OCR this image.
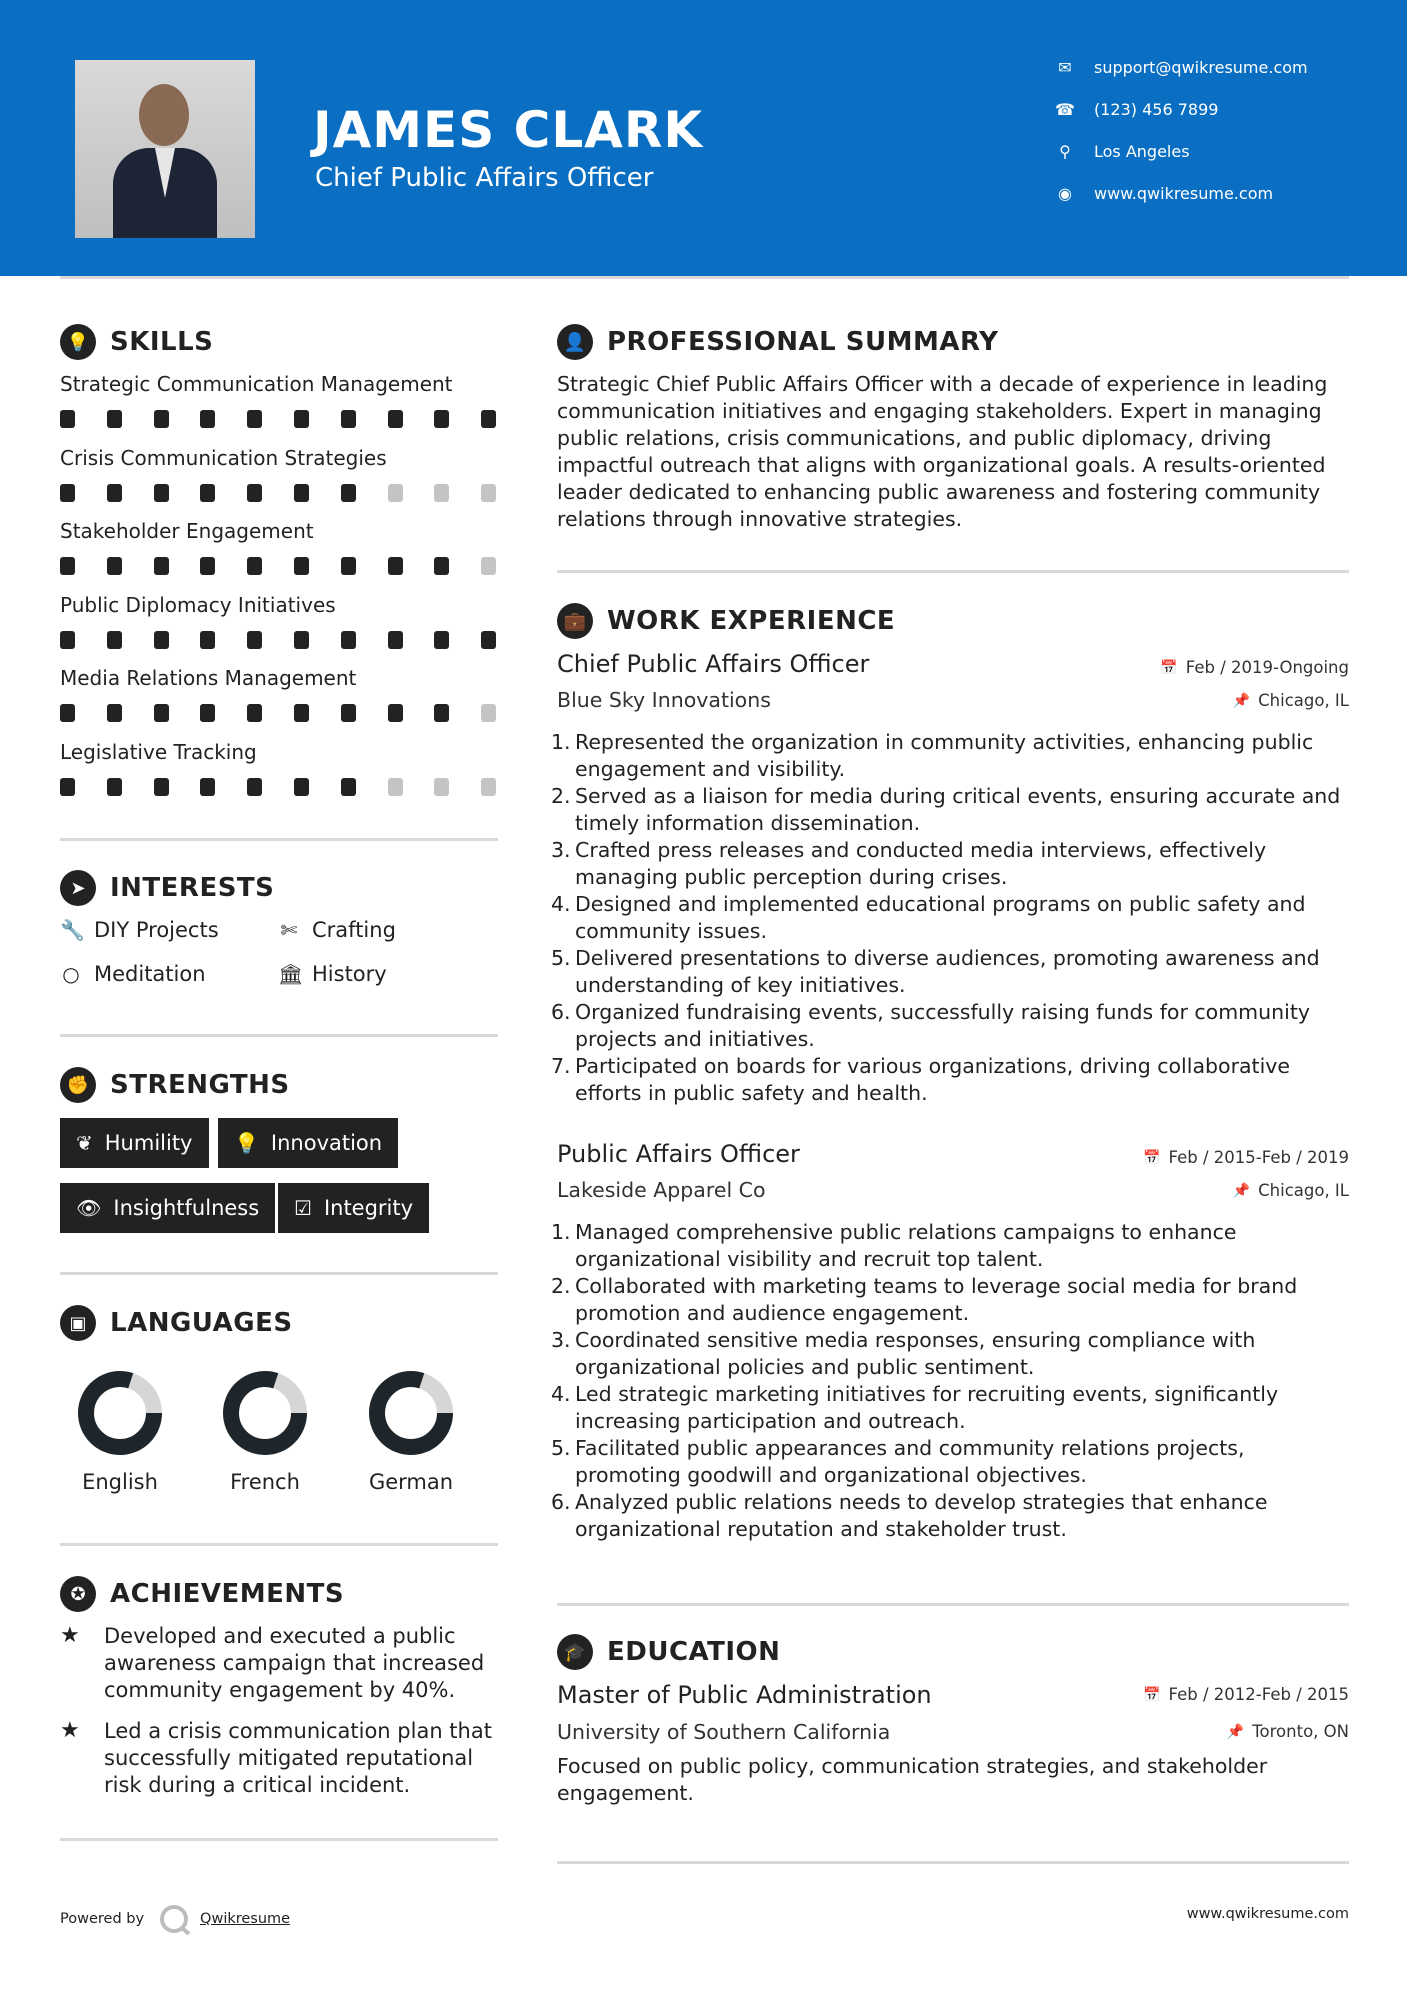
JAMES CLARK
Chief Public Affairs Officer
✉ support@qwikresume.com
☎ (123) 456 7899
⚲	Los Angeles
◉ www.qwikresume.com
💡 SKILLS
Strategic Communication Management
Crisis Communication Strategies
Stakeholder Engagement
Public Diplomacy Initiatives
Media Relations Management
Legislative Tracking
➤ INTERESTS
🔧 DIY Projects	✄ Crafting
○ Meditation	🏛 History
✊ STRENGTHS
❦ Humility 💡 Innovation
👁 Insightfulness ☑ Integrity
▣ LANGUAGES
English	French	German
✪ ACHIEVEMENTS
★	Developed and executed a public awareness campaign that increased community engagement by 40%.
★	Led a crisis communication plan that successfully mitigated reputational risk during a critical incident.
👤 PROFESSIONAL SUMMARY
Strategic Chief Public Affairs Officer with a decade of experience in leading communication initiatives and engaging stakeholders. Expert in managing public relations, crisis communications, and public diplomacy, driving impactful outreach that aligns with organizational goals. A results-oriented leader dedicated to enhancing public awareness and fostering community relations through innovative strategies.
💼 WORK EXPERIENCE
Chief Public Affairs Officer	📅 Feb / 2019-Ongoing
Blue Sky Innovations	📌 Chicago, IL
1. Represented the organization in community activities, enhancing public engagement and visibility.
2. Served as a liaison for media during critical events, ensuring accurate and timely information dissemination.
3. Crafted press releases and conducted media interviews, effectively managing public perception during crises.
4. Designed and implemented educational programs on public safety and community issues.
5. Delivered presentations to diverse audiences, promoting awareness and understanding of key initiatives.
6. Organized fundraising events, successfully raising funds for community projects and initiatives.
7. Participated on boards for various organizations, driving collaborative efforts in public safety and health.
Public Affairs Officer	📅 Feb / 2015-Feb / 2019
Lakeside Apparel Co	📌 Chicago, IL
1. Managed comprehensive public relations campaigns to enhance organizational visibility and recruit top talent.
2. Collaborated with marketing teams to leverage social media for brand promotion and audience engagement.
3. Coordinated sensitive media responses, ensuring compliance with organizational policies and public sentiment.
4. Led strategic marketing initiatives for recruiting events, significantly increasing participation and outreach.
5. Facilitated public appearances and community relations projects, promoting goodwill and organizational objectives.
6. Analyzed public relations needs to develop strategies that enhance organizational reputation and stakeholder trust.
🎓 EDUCATION
Master of Public Administration	📅 Feb / 2012-Feb / 2015
University of Southern California	📌 Toronto, ON
Focused on public policy, communication strategies, and stakeholder engagement.
Powered by	Qwikresume	www.qwikresume.com
